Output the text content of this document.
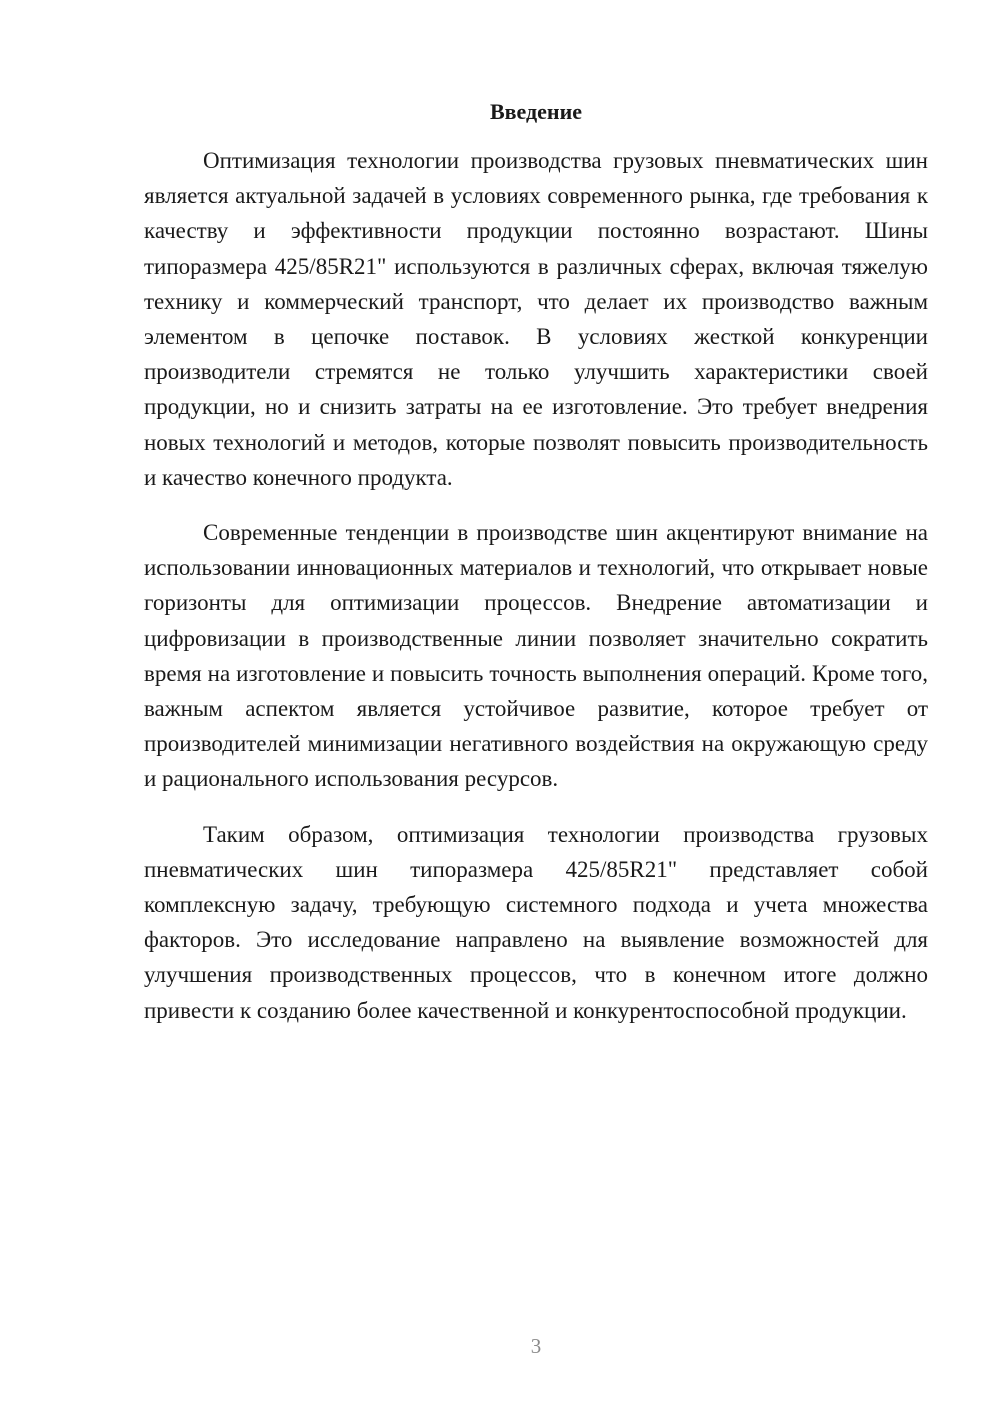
Введение

Оптимизация технологии производства грузовых пневматических шин является актуальной задачей в условиях современного рынка, где требования к качеству и эффективности продукции постоянно возрастают. Шины типоразмера 425/85R21" используются в различных сферах, включая тяжелую технику и коммерческий транспорт, что делает их производство важным элементом в цепочке поставок. В условиях жесткой конкуренции производители стремятся не только улучшить характеристики своей продукции, но и снизить затраты на ее изготовление. Это требует внедрения новых технологий и методов, которые позволят повысить производительность и качество конечного продукта.

Современные тенденции в производстве шин акцентируют внимание на использовании инновационных материалов и технологий, что открывает новые горизонты для оптимизации процессов. Внедрение автоматизации и цифровизации в производственные линии позволяет значительно сократить время на изготовление и повысить точность выполнения операций. Кроме того, важным аспектом является устойчивое развитие, которое требует от производителей минимизации негативного воздействия на окружающую среду и рационального использования ресурсов.

Таким образом, оптимизация технологии производства грузовых пневматических шин типоразмера 425/85R21" представляет собой комплексную задачу, требующую системного подхода и учета множества факторов. Это исследование направлено на выявление возможностей для улучшения производственных процессов, что в конечном итоге должно привести к созданию более качественной и конкурентоспособной продукции.

3
